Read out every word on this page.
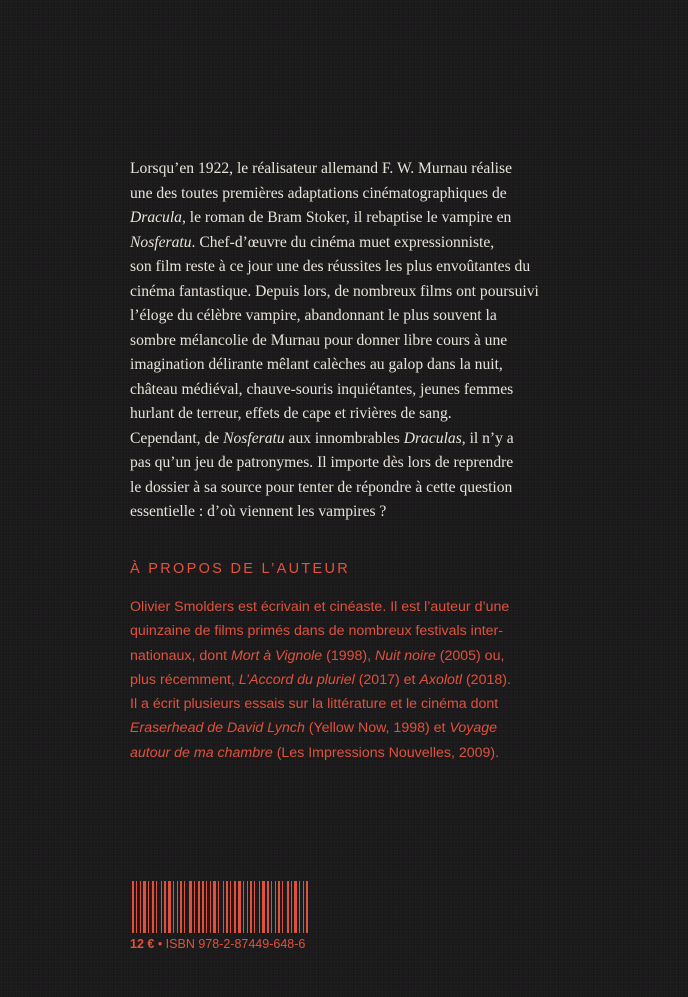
Lorsqu’en 1922, le réalisateur allemand F. W. Murnau réalise
une des toutes premières adaptations cinématographiques de
Dracula, le roman de Bram Stoker, il rebaptise le vampire en
Nosferatu. Chef-d’œuvre du cinéma muet expressionniste,
son film reste à ce jour une des réussites les plus envoûtantes du
cinéma fantastique. Depuis lors, de nombreux films ont poursuivi
l’éloge du célèbre vampire, abandonnant le plus souvent la
sombre mélancolie de Murnau pour donner libre cours à une
imagination délirante mêlant calèches au galop dans la nuit,
château médiéval, chauve-souris inquiétantes, jeunes femmes
hurlant de terreur, effets de cape et rivières de sang.
Cependant, de Nosferatu aux innombrables Draculas, il n’y a
pas qu’un jeu de patronymes. Il importe dès lors de reprendre
le dossier à sa source pour tenter de répondre à cette question
essentielle : d’où viennent les vampires ?

À PROPOS DE L’AUTEUR
Olivier Smolders est écrivain et cinéaste. Il est l’auteur d’une
quinzaine de films primés dans de nombreux festivals inter-
nationaux, dont Mort à Vignole (1998), Nuit noire (2005) ou,
plus récemment, L’Accord du pluriel (2017) et Axolotl (2018).
Il a écrit plusieurs essais sur la littérature et le cinéma dont
Eraserhead de David Lynch (Yellow Now, 1998) et Voyage
autour de ma chambre (Les Impressions Nouvelles, 2009).
12 € • ISBN 978-2-87449-648-6
